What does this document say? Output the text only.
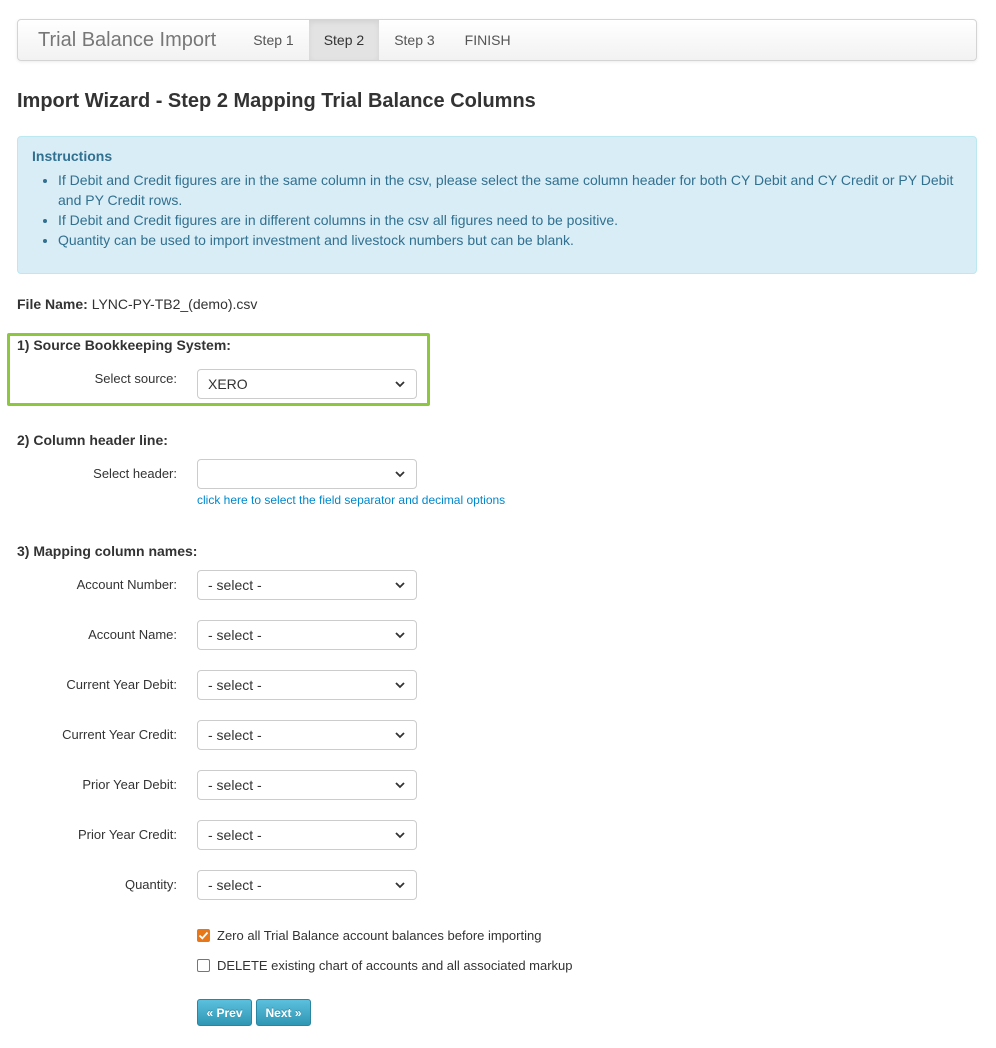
Trial Balance Import	Step 1	Step 2	Step 3	FINISH
Import Wizard - Step 2 Mapping Trial Balance Columns
Instructions
• If Debit and Credit figures are in the same column in the csv, please select the same column header for both CY Debit and CY Credit or PY Debit and PY Credit rows.
• If Debit and Credit figures are in different columns in the csv all figures need to be positive.
• Quantity can be used to import investment and livestock numbers but can be blank.
File Name: LYNC-PY-TB2_(demo).csv
1) Source Bookkeeping System:
Select source: XERO
2) Column header line:
Select header:
click here to select the field separator and decimal options
3) Mapping column names:
Account Number: - select -
Account Name: - select -
Current Year Debit: - select -
Current Year Credit: - select -
Prior Year Debit: - select -
Prior Year Credit: - select -
Quantity: - select -
Zero all Trial Balance account balances before importing
DELETE existing chart of accounts and all associated markup
« Prev	Next »
